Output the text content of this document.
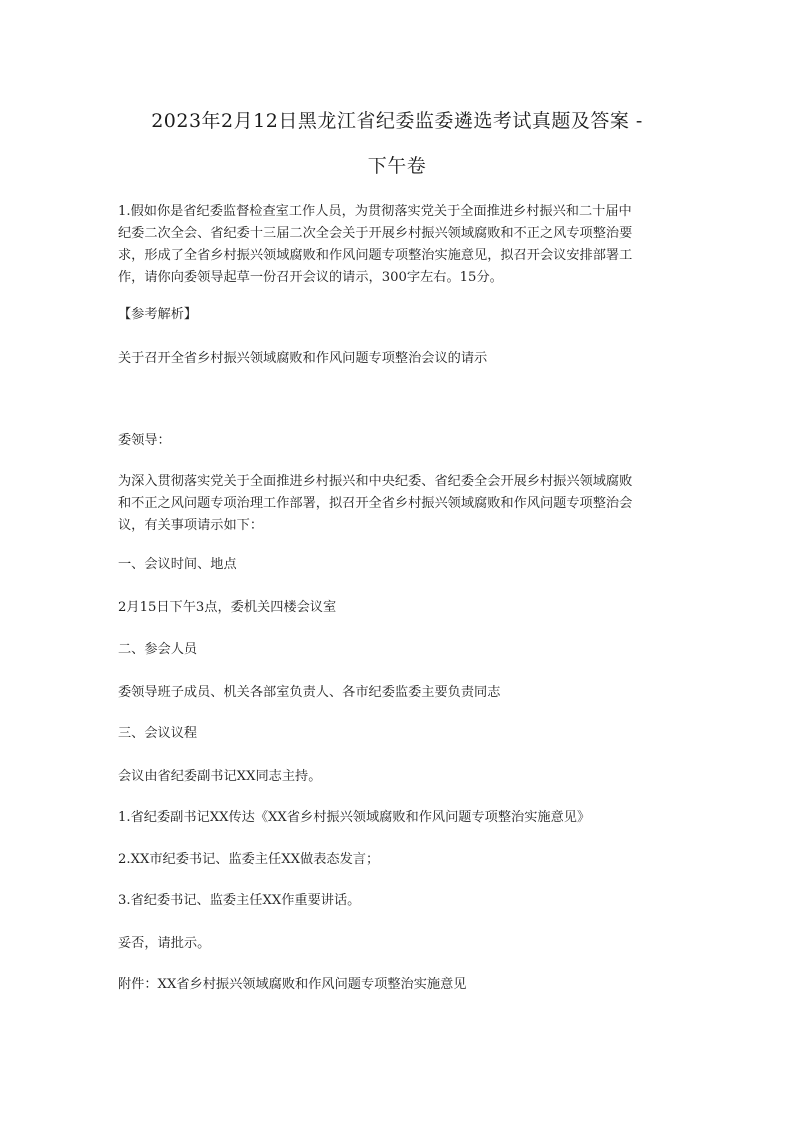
2023年2月12日黑龙江省纪委监委遴选考试真题及答案 -
下午卷
1.假如你是省纪委监督检查室工作人员，为贯彻落实党关于全面推进乡村振兴和二十届中
纪委二次全会、省纪委十三届二次全会关于开展乡村振兴领域腐败和不正之风专项整治要
求，形成了全省乡村振兴领域腐败和作风问题专项整治实施意见，拟召开会议安排部署工
作，请你向委领导起草一份召开会议的请示，300字左右。15分。
【参考解析】
关于召开全省乡村振兴领域腐败和作风问题专项整治会议的请示
委领导：
为深入贯彻落实党关于全面推进乡村振兴和中央纪委、省纪委全会开展乡村振兴领域腐败
和不正之风问题专项治理工作部署，拟召开全省乡村振兴领域腐败和作风问题专项整治会
议，有关事项请示如下：
一、会议时间、地点
2月15日下午3点，委机关四楼会议室
二、参会人员
委领导班子成员、机关各部室负责人、各市纪委监委主要负责同志
三、会议议程
会议由省纪委副书记XX同志主持。
1.省纪委副书记XX传达《XX省乡村振兴领域腐败和作风问题专项整治实施意见》
2.XX市纪委书记、监委主任XX做表态发言；
3.省纪委书记、监委主任XX作重要讲话。
妥否，请批示。
附件：XX省乡村振兴领域腐败和作风问题专项整治实施意见
